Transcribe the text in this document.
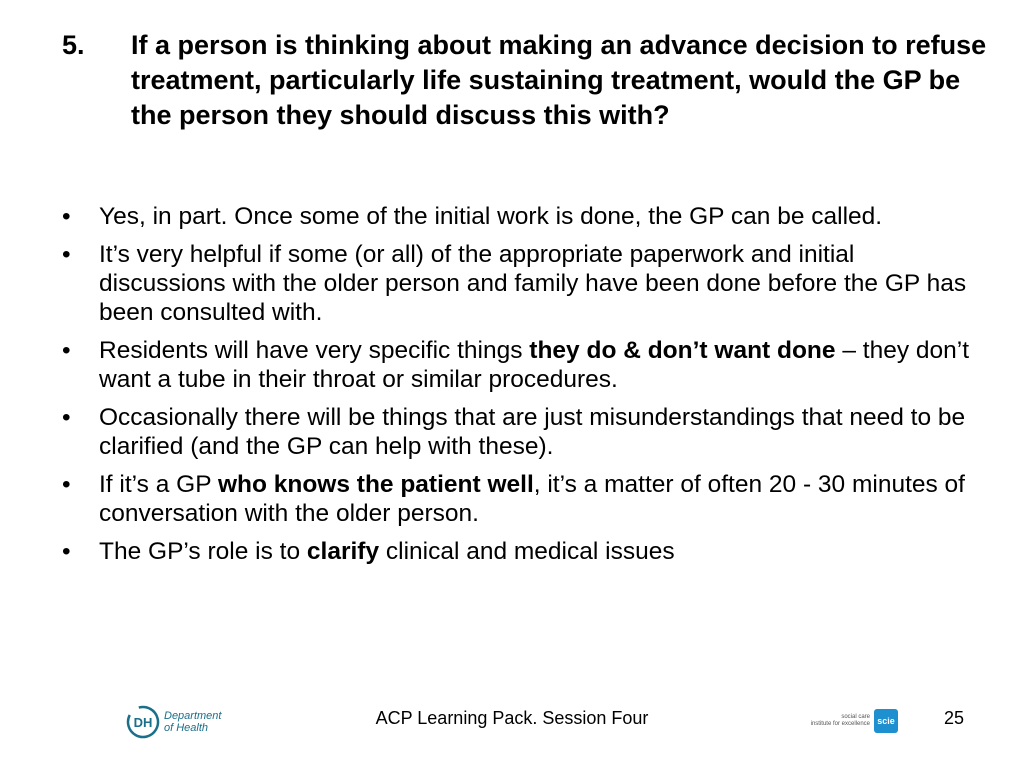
5.	If a person is thinking about making an advance decision to refuse treatment, particularly life sustaining treatment, would the GP be the person they should discuss this with?
•	Yes, in part. Once some of the initial work is done, the GP can be called.
•	It’s very helpful if some (or all) of the appropriate paperwork and initial discussions with the older person and family have been done before the GP has been consulted with.
•	Residents will have very specific things they do & don’t want done – they don’t want a tube in their throat or similar procedures.
•	Occasionally there will be things that are just misunderstandings that need to be clarified (and the GP can help with these).
•	If it’s a GP who knows the patient well, it’s a matter of often 20 - 30 minutes of conversation with the older person.
•	The GP’s role is to clarify clinical and medical issues
DH Department
of Health	ACP Learning Pack. Session Four	social care
institute for excellence scie	25
